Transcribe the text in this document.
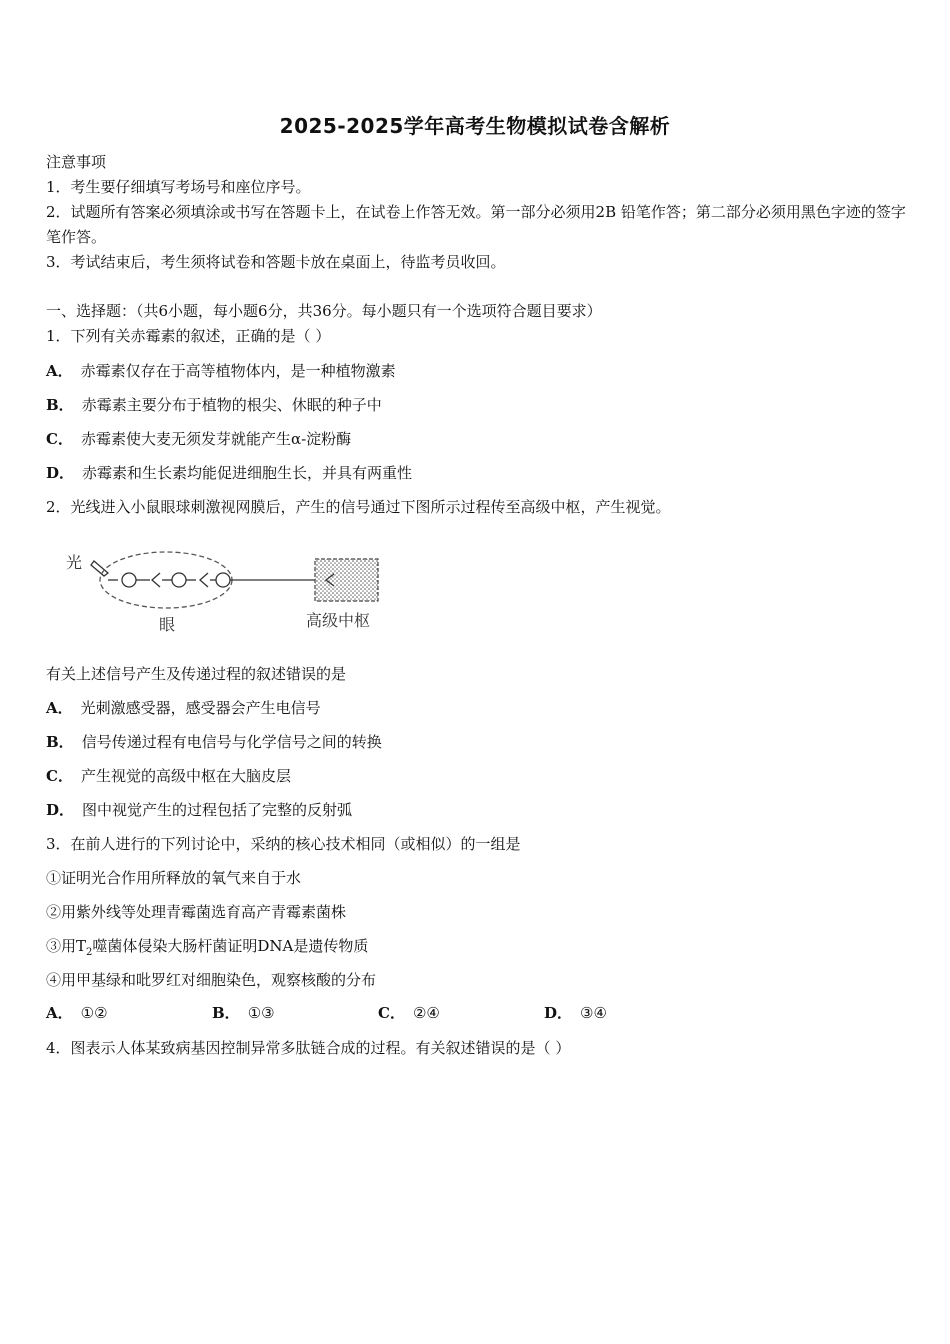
2025-2025学年高考生物模拟试卷含解析
注意事项
1．考生要仔细填写考场号和座位序号。
2．试题所有答案必须填涂或书写在答题卡上，在试卷上作答无效。第一部分必须用2B 铅笔作答；第二部分必须用黑色字迹的签字笔作答。
3．考试结束后，考生须将试卷和答题卡放在桌面上，待监考员收回。
一、选择题：（共6小题，每小题6分，共36分。每小题只有一个选项符合题目要求）
1．下列有关赤霉素的叙述，正确的是（ ）
A． 赤霉素仅存在于高等植物体内，是一种植物激素
B． 赤霉素主要分布于植物的根尖、休眠的种子中
C． 赤霉素使大麦无须发芽就能产生α-淀粉酶
D． 赤霉素和生长素均能促进细胞生长，并具有两重性
2．光线进入小鼠眼球刺激视网膜后，产生的信号通过下图所示过程传至高级中枢，产生视觉。
光
眼	高级中枢
有关上述信号产生及传递过程的叙述错误的是
A． 光刺激感受器，感受器会产生电信号
B． 信号传递过程有电信号与化学信号之间的转换
C． 产生视觉的高级中枢在大脑皮层
D． 图中视觉产生的过程包括了完整的反射弧
3．在前人进行的下列讨论中，采纳的核心技术相同（或相似）的一组是
①证明光合作用所释放的氧气来自于水
②用紫外线等处理青霉菌选育高产青霉素菌株
③用$T_2$噬菌体侵染大肠杆菌证明DNA是遗传物质
④用甲基绿和吡罗红对细胞染色，观察核酸的分布
A． ①②	B． ①③	C． ②④	D． ③④
4．图表示人体某致病基因控制异常多肽链合成的过程。有关叙述错误的是（ ）
